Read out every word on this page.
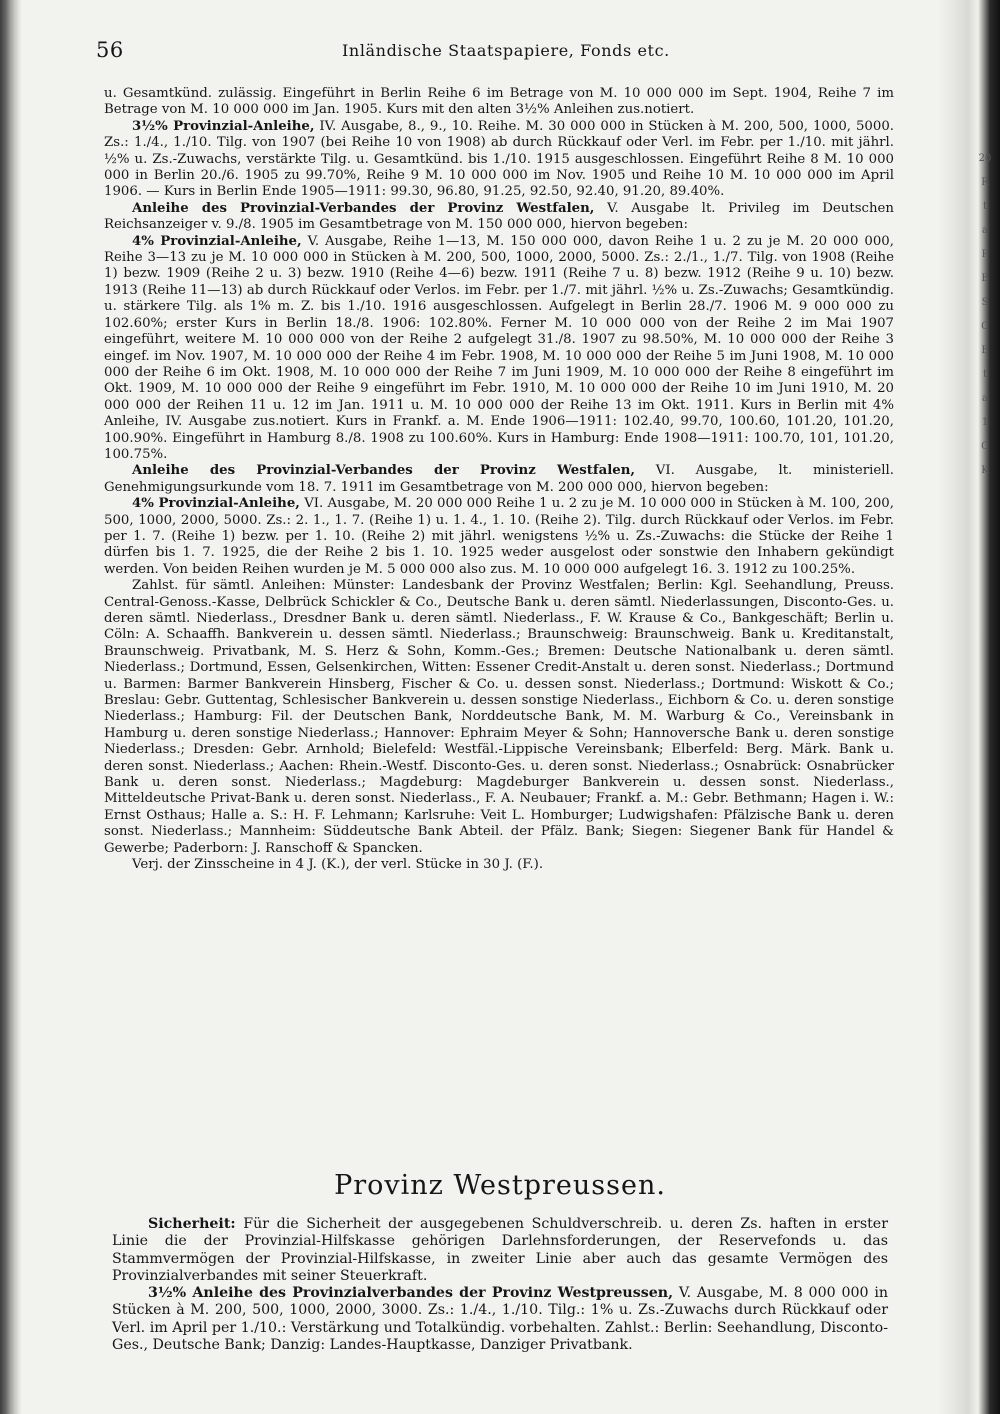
20
R
t
a
P
B
S
C
E
t
a
1
C
K
56	Inländische Staatspapiere, Fonds etc.

u. Gesamtkünd. zulässig. Eingeführt in Berlin Reihe 6 im Betrage von M. 10 000 000 im Sept. 1904, Reihe 7 im Betrage von M. 10 000 000 im Jan. 1905. Kurs mit den alten 3½% Anleihen zus.notiert.

3½% Provinzial-Anleihe, IV. Ausgabe, 8., 9., 10. Reihe. M. 30 000 000 in Stücken à M. 200, 500, 1000, 5000. Zs.: 1./4., 1./10. Tilg. von 1907 (bei Reihe 10 von 1908) ab durch Rückkauf oder Verl. im Febr. per 1./10. mit jährl. ½% u. Zs.-Zuwachs, verstärkte Tilg. u. Gesamtkünd. bis 1./10. 1915 ausgeschlossen. Eingeführt Reihe 8 M. 10 000 000 in Berlin 20./6. 1905 zu 99.70%, Reihe 9 M. 10 000 000 im Nov. 1905 und Reihe 10 M. 10 000 000 im April 1906. — Kurs in Berlin Ende 1905—1911: 99.30, 96.80, 91.25, 92.50, 92.40, 91.20, 89.40%.

Anleihe des Provinzial-Verbandes der Provinz Westfalen, V. Ausgabe lt. Privileg im Deutschen Reichsanzeiger v. 9./8. 1905 im Gesamtbetrage von M. 150 000 000, hiervon begeben:

4% Provinzial-Anleihe, V. Ausgabe, Reihe 1—13, M. 150 000 000, davon Reihe 1 u. 2 zu je M. 20 000 000, Reihe 3—13 zu je M. 10 000 000 in Stücken à M. 200, 500, 1000, 2000, 5000. Zs.: 2./1., 1./7. Tilg. von 1908 (Reihe 1) bezw. 1909 (Reihe 2 u. 3) bezw. 1910 (Reihe 4—6) bezw. 1911 (Reihe 7 u. 8) bezw. 1912 (Reihe 9 u. 10) bezw. 1913 (Reihe 11—13) ab durch Rückkauf oder Verlos. im Febr. per 1./7. mit jährl. ½% u. Zs.-Zuwachs; Gesamtkündig. u. stärkere Tilg. als 1% m. Z. bis 1./10. 1916 ausgeschlossen. Aufgelegt in Berlin 28./7. 1906 M. 9 000 000 zu 102.60%; erster Kurs in Berlin 18./8. 1906: 102.80%. Ferner M. 10 000 000 von der Reihe 2 im Mai 1907 eingeführt, weitere M. 10 000 000 von der Reihe 2 aufgelegt 31./8. 1907 zu 98.50%, M. 10 000 000 der Reihe 3 eingef. im Nov. 1907, M. 10 000 000 der Reihe 4 im Febr. 1908, M. 10 000 000 der Reihe 5 im Juni 1908, M. 10 000 000 der Reihe 6 im Okt. 1908, M. 10 000 000 der Reihe 7 im Juni 1909, M. 10 000 000 der Reihe 8 eingeführt im Okt. 1909, M. 10 000 000 der Reihe 9 eingeführt im Febr. 1910, M. 10 000 000 der Reihe 10 im Juni 1910, M. 20 000 000 der Reihen 11 u. 12 im Jan. 1911 u. M. 10 000 000 der Reihe 13 im Okt. 1911. Kurs in Berlin mit 4% Anleihe, IV. Ausgabe zus.notiert. Kurs in Frankf. a. M. Ende 1906—1911: 102.40, 99.70, 100.60, 101.20, 101.20, 100.90%. Eingeführt in Hamburg 8./8. 1908 zu 100.60%. Kurs in Hamburg: Ende 1908—1911: 100.70, 101, 101.20, 100.75%.

Anleihe des Provinzial-Verbandes der Provinz Westfalen, VI. Ausgabe, lt. ministeriell. Genehmigungsurkunde vom 18. 7. 1911 im Gesamtbetrage von M. 200 000 000, hiervon begeben:

4% Provinzial-Anleihe, VI. Ausgabe, M. 20 000 000 Reihe 1 u. 2 zu je M. 10 000 000 in Stücken à M. 100, 200, 500, 1000, 2000, 5000. Zs.: 2. 1., 1. 7. (Reihe 1) u. 1. 4., 1. 10. (Reihe 2). Tilg. durch Rückkauf oder Verlos. im Febr. per 1. 7. (Reihe 1) bezw. per 1. 10. (Reihe 2) mit jährl. wenigstens ½% u. Zs.-Zuwachs: die Stücke der Reihe 1 dürfen bis 1. 7. 1925, die der Reihe 2 bis 1. 10. 1925 weder ausgelost oder sonstwie den Inhabern gekündigt werden. Von beiden Reihen wurden je M. 5 000 000 also zus. M. 10 000 000 aufgelegt 16. 3. 1912 zu 100.25%.

Zahlst. für sämtl. Anleihen: Münster: Landesbank der Provinz Westfalen; Berlin: Kgl. Seehandlung, Preuss. Central-Genoss.-Kasse, Delbrück Schickler & Co., Deutsche Bank u. deren sämtl. Niederlassungen, Disconto-Ges. u. deren sämtl. Niederlass., Dresdner Bank u. deren sämtl. Niederlass., F. W. Krause & Co., Bankgeschäft; Berlin u. Cöln: A. Schaaffh. Bankverein u. dessen sämtl. Niederlass.; Braunschweig: Braunschweig. Bank u. Kreditanstalt, Braunschweig. Privatbank, M. S. Herz & Sohn, Komm.-Ges.; Bremen: Deutsche Nationalbank u. deren sämtl. Niederlass.; Dortmund, Essen, Gelsenkirchen, Witten: Essener Credit-Anstalt u. deren sonst. Niederlass.; Dortmund u. Barmen: Barmer Bankverein Hinsberg, Fischer & Co. u. dessen sonst. Niederlass.; Dortmund: Wiskott & Co.; Breslau: Gebr. Guttentag, Schlesischer Bankverein u. dessen sonstige Niederlass., Eichborn & Co. u. deren sonstige Niederlass.; Hamburg: Fil. der Deutschen Bank, Norddeutsche Bank, M. M. Warburg & Co., Vereinsbank in Hamburg u. deren sonstige Niederlass.; Hannover: Ephraim Meyer & Sohn; Hannoversche Bank u. deren sonstige Niederlass.; Dresden: Gebr. Arnhold; Bielefeld: Westfäl.-Lippische Vereinsbank; Elberfeld: Berg. Märk. Bank u. deren sonst. Niederlass.; Aachen: Rhein.-Westf. Disconto-Ges. u. deren sonst. Niederlass.; Osnabrück: Osnabrücker Bank u. deren sonst. Niederlass.; Magdeburg: Magdeburger Bankverein u. dessen sonst. Niederlass., Mitteldeutsche Privat-Bank u. deren sonst. Niederlass., F. A. Neubauer; Frankf. a. M.: Gebr. Bethmann; Hagen i. W.: Ernst Osthaus; Halle a. S.: H. F. Lehmann; Karlsruhe: Veit L. Homburger; Ludwigshafen: Pfälzische Bank u. deren sonst. Niederlass.; Mannheim: Süddeutsche Bank Abteil. der Pfälz. Bank; Siegen: Siegener Bank für Handel & Gewerbe; Paderborn: J. Ranschoff & Spancken.

Verj. der Zinsscheine in 4 J. (K.), der verl. Stücke in 30 J. (F.).

Provinz Westpreussen.

Sicherheit: Für die Sicherheit der ausgegebenen Schuldverschreib. u. deren Zs. haften in erster Linie die der Provinzial-Hilfskasse gehörigen Darlehnsforderungen, der Reservefonds u. das Stammvermögen der Provinzial-Hilfskasse, in zweiter Linie aber auch das gesamte Vermögen des Provinzialverbandes mit seiner Steuerkraft.

3½% Anleihe des Provinzialverbandes der Provinz Westpreussen, V. Ausgabe, M. 8 000 000 in Stücken à M. 200, 500, 1000, 2000, 3000. Zs.: 1./4., 1./10. Tilg.: 1% u. Zs.-Zuwachs durch Rückkauf oder Verl. im April per 1./10.: Verstärkung und Totalkündig. vorbehalten. Zahlst.: Berlin: Seehandlung, Disconto-Ges., Deutsche Bank; Danzig: Landes-Hauptkasse, Danziger Privatbank.
